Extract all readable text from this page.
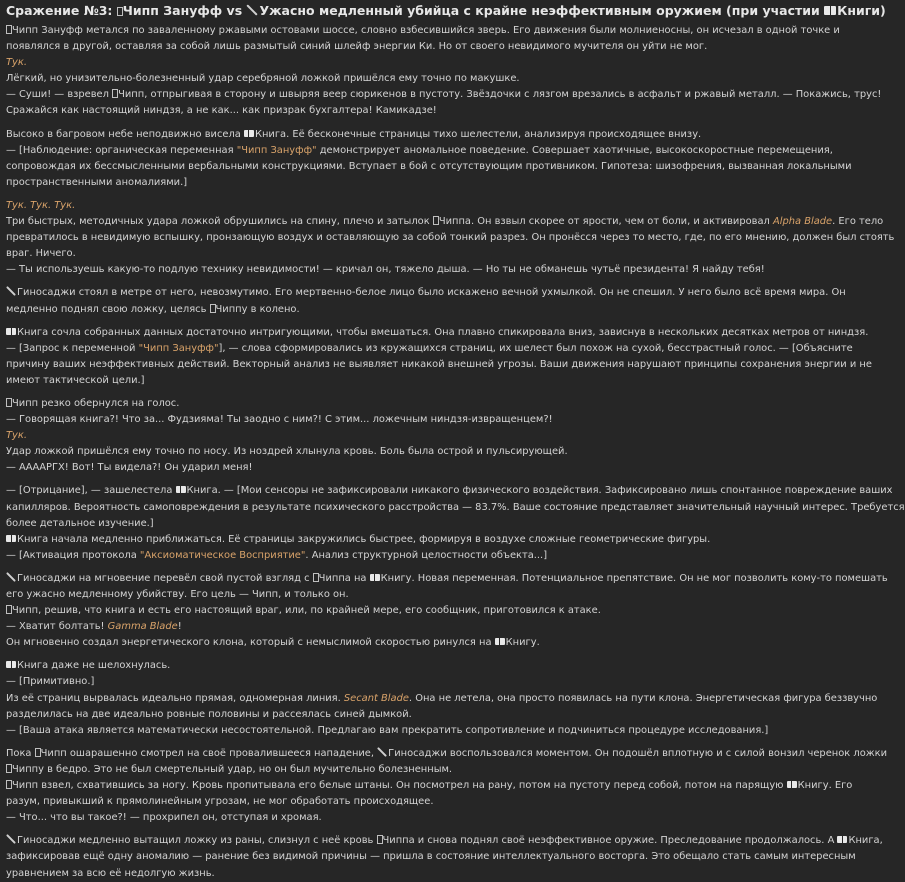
Сражение №3: Чипп Зануфф vs Ужасно медленный убийца с крайне неэффективным оружием (при участии Книги)
Чипп Зануфф метался по заваленному ржавыми остовами шоссе, словно взбесившийся зверь. Его движения были молниеносны, он исчезал в одной точке и
появлялся в другой, оставляя за собой лишь размытый синий шлейф энергии Ки. Но от своего невидимого мучителя он уйти не мог.
Тук.
Лёгкий, но унизительно-болезненный удар серебряной ложкой пришёлся ему точно по макушке.
— Суши! — взревел Чипп, отпрыгивая в сторону и швыряя веер сюрикенов в пустоту. Звёздочки с лязгом врезались в асфальт и ржавый металл. — Покажись, трус!
Сражайся как настоящий ниндзя, а не как... как призрак бухгалтера! Камикадзе!
Высоко в багровом небе неподвижно висела Книга. Её бесконечные страницы тихо шелестели, анализируя происходящее внизу.
— [Наблюдение: органическая переменная "Чипп Зануфф" демонстрирует аномальное поведение. Совершает хаотичные, высокоскоростные перемещения,
сопровождая их бессмысленными вербальными конструкциями. Вступает в бой с отсутствующим противником. Гипотеза: шизофрения, вызванная локальными
пространственными аномалиями.]
Тук. Тук. Тук.
Три быстрых, методичных удара ложкой обрушились на спину, плечо и затылок Чиппа. Он взвыл скорее от ярости, чем от боли, и активировал Alpha Blade. Его тело
превратилось в невидимую вспышку, пронзающую воздух и оставляющую за собой тонкий разрез. Он пронёсся через то место, где, по его мнению, должен был стоять
враг. Ничего.
— Ты используешь какую-то подлую технику невидимости! — кричал он, тяжело дыша. — Но ты не обманешь чутьё президента! Я найду тебя!
Гиносаджи стоял в метре от него, невозмутимо. Его мертвенно-белое лицо было искажено вечной ухмылкой. Он не спешил. У него было всё время мира. Он
медленно поднял свою ложку, целясь Чиппу в колено.
Книга сочла собранных данных достаточно интригующими, чтобы вмешаться. Она плавно спикировала вниз, зависнув в нескольких десятках метров от ниндзя.
— [Запрос к переменной "Чипп Зануфф"], — слова сформировались из кружащихся страниц, их шелест был похож на сухой, бесстрастный голос. — [Объясните
причину ваших неэффективных действий. Векторный анализ не выявляет никакой внешней угрозы. Ваши движения нарушают принципы сохранения энергии и не
имеют тактической цели.]
Чипп резко обернулся на голос.
— Говорящая книга?! Что за... Фудзияма! Ты заодно с ним?! С этим... ложечным ниндзя-извращенцем?!
Тук.
Удар ложкой пришёлся ему точно по носу. Из ноздрей хлынула кровь. Боль была острой и пульсирующей.
— ААААРГХ! Вот! Ты видела?! Он ударил меня!
— [Отрицание], — зашелестела Книга. — [Мои сенсоры не зафиксировали никакого физического воздействия. Зафиксировано лишь спонтанное повреждение ваших
капилляров. Вероятность самоповреждения в результате психического расстройства — 83.7%. Ваше состояние представляет значительный научный интерес. Требуется
более детальное изучение.]
Книга начала медленно приближаться. Её страницы закружились быстрее, формируя в воздухе сложные геометрические фигуры.
— [Активация протокола "Аксиоматическое Восприятие". Анализ структурной целостности объекта...]
Гиносаджи на мгновение перевёл свой пустой взгляд с Чиппа на Книгу. Новая переменная. Потенциальное препятствие. Он не мог позволить кому-то помешать
его ужасно медленному убийству. Его цель — Чипп, и только он.
Чипп, решив, что книга и есть его настоящий враг, или, по крайней мере, его сообщник, приготовился к атаке.
— Хватит болтать! Gamma Blade!
Он мгновенно создал энергетического клона, который с немыслимой скоростью ринулся на Книгу.
Книга даже не шелохнулась.
— [Примитивно.]
Из её страниц вырвалась идеально прямая, одномерная линия. Secant Blade. Она не летела, она просто появилась на пути клона. Энергетическая фигура беззвучно
разделилась на две идеально ровные половины и рассеялась синей дымкой.
— [Ваша атака является математически несостоятельной. Предлагаю вам прекратить сопротивление и подчиниться процедуре исследования.]
Пока Чипп ошарашенно смотрел на своё провалившееся нападение, Гиносаджи воспользовался моментом. Он подошёл вплотную и с силой вонзил черенок ложки
Чиппу в бедро. Это не был смертельный удар, но он был мучительно болезненным.
Чипп взвел, схватившись за ногу. Кровь пропитывала его белые штаны. Он посмотрел на рану, потом на пустоту перед собой, потом на парящую Книгу. Его
разум, привыкший к прямолинейным угрозам, не мог обработать происходящее.
— Что... что вы такое?! — прохрипел он, отступая и хромая.
Гиносаджи медленно вытащил ложку из раны, слизнул с неё кровь Чиппа и снова поднял своё неэффективное оружие. Преследование продолжалось. А Книга,
зафиксировав ещё одну аномалию — ранение без видимой причины — пришла в состояние интеллектуального восторга. Это обещало стать самым интересным
уравнением за всю её недолгую жизнь.
